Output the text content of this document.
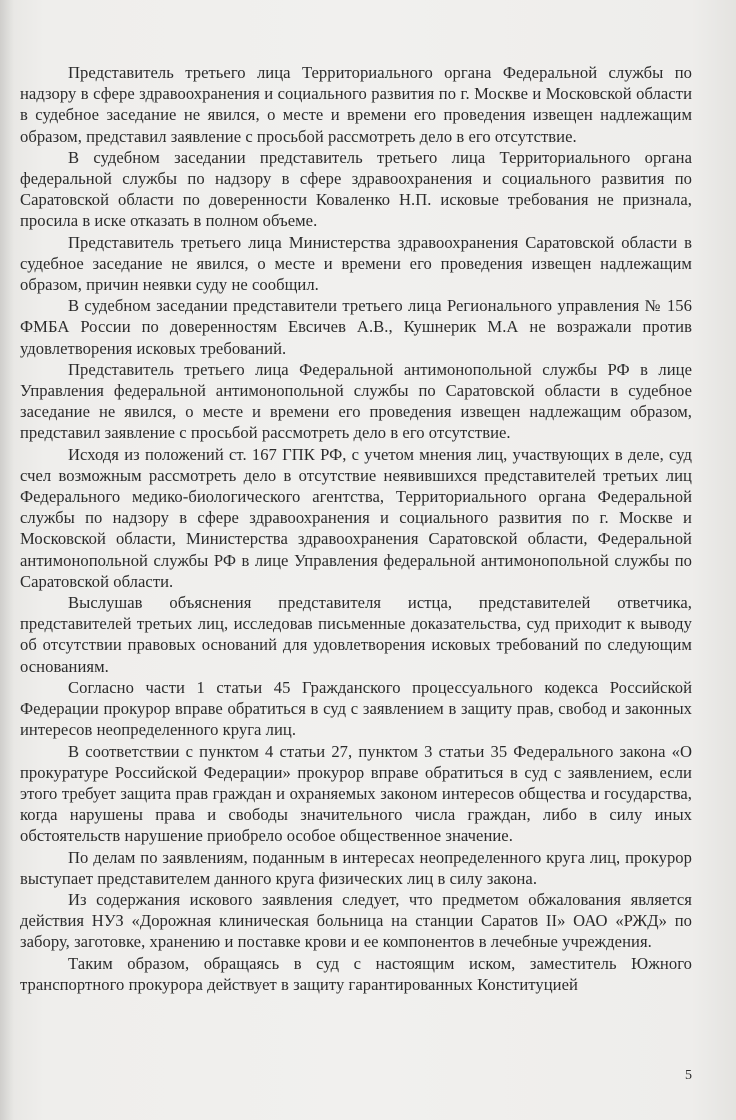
Представитель третьего лица Территориального органа Федеральной службы по надзору в сфере здравоохранения и социального развития по г. Москве и Московской области в судебное заседание не явился, о месте и времени его проведения извещен надлежащим образом, представил заявление с просьбой рассмотреть дело в его отсутствие.

В судебном заседании представитель третьего лица Территориального органа федеральной службы по надзору в сфере здравоохранения и социального развития по Саратовской области по доверенности Коваленко Н.П. исковые требования не признала, просила в иске отказать в полном объеме.

Представитель третьего лица Министерства здравоохранения Саратовской области в судебное заседание не явился, о месте и времени его проведения извещен надлежащим образом, причин неявки суду не сообщил.

В судебном заседании представители третьего лица Регионального управления № 156 ФМБА России по доверенностям Евсичев А.В., Кушнерик М.А не возражали против удовлетворения исковых требований.

Представитель третьего лица Федеральной антимонопольной службы РФ в лице Управления федеральной антимонопольной службы по Саратовской области в судебное заседание не явился, о месте и времени его проведения извещен надлежащим образом, представил заявление с просьбой рассмотреть дело в его отсутствие.

Исходя из положений ст. 167 ГПК РФ, с учетом мнения лиц, участвующих в деле, суд счел возможным рассмотреть дело в отсутствие неявившихся представителей третьих лиц Федерального медико-биологического агентства, Территориального органа Федеральной службы по надзору в сфере здравоохранения и социального развития по г. Москве и Московской области, Министерства здравоохранения Саратовской области, Федеральной антимонопольной службы РФ в лице Управления федеральной антимонопольной службы по Саратовской области.

Выслушав объяснения представителя истца, представителей ответчика, представителей третьих лиц, исследовав письменные доказательства, суд приходит к выводу об отсутствии правовых оснований для удовлетворения исковых требований по следующим основаниям.

Согласно части 1 статьи 45 Гражданского процессуального кодекса Российской Федерации прокурор вправе обратиться в суд с заявлением в защиту прав, свобод и законных интересов неопределенного круга лиц.

В соответствии с пунктом 4 статьи 27, пунктом 3 статьи 35 Федерального закона «О прокуратуре Российской Федерации» прокурор вправе обратиться в суд с заявлением, если этого требует защита прав граждан и охраняемых законом интересов общества и государства, когда нарушены права и свободы значительного числа граждан, либо в силу иных обстоятельств нарушение приобрело особое общественное значение.

По делам по заявлениям, поданным в интересах неопределенного круга лиц, прокурор выступает представителем данного круга физических лиц в силу закона.

Из содержания искового заявления следует, что предметом обжалования является действия НУЗ «Дорожная клиническая больница на станции Саратов II» ОАО «РЖД» по забору, заготовке, хранению и поставке крови и ее компонентов в лечебные учреждения.

Таким образом, обращаясь в суд с настоящим иском, заместитель Южного транспортного прокурора действует в защиту гарантированных Конституцией

5
